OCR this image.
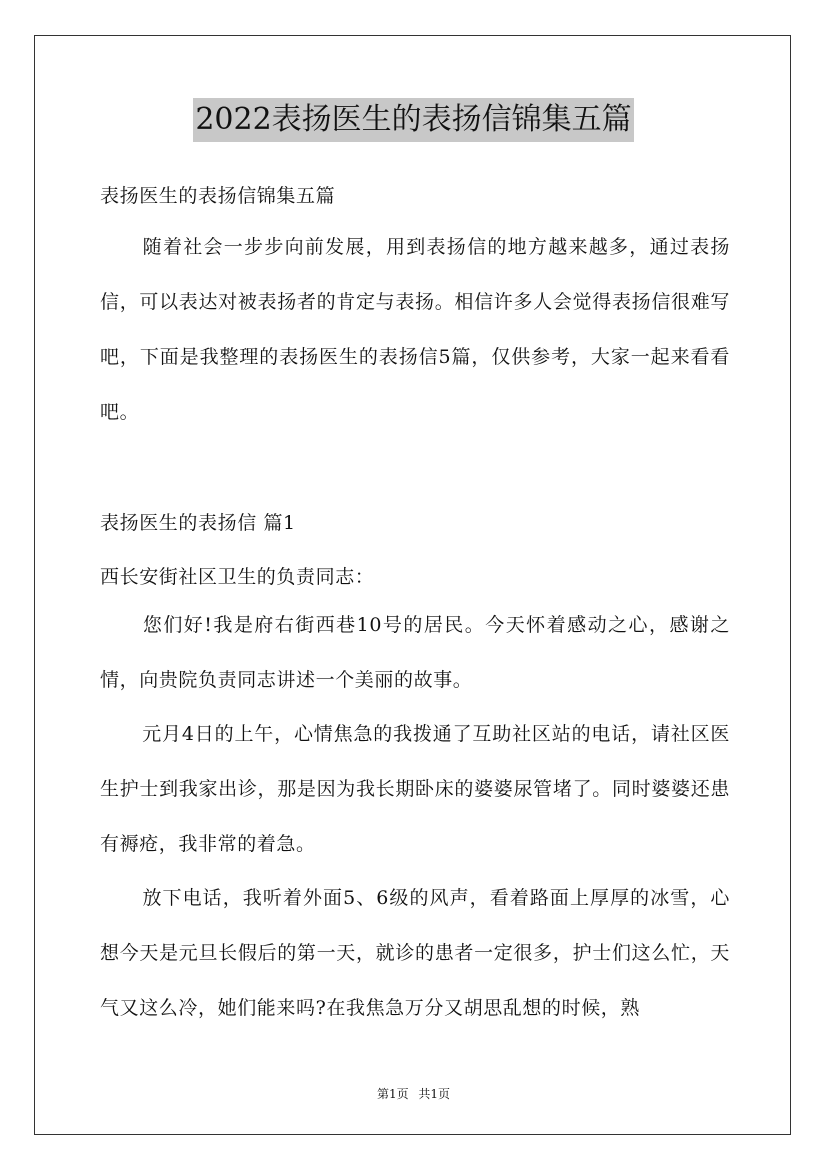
2022表扬医生的表扬信锦集五篇
表扬医生的表扬信锦集五篇
随着社会一步步向前发展，用到表扬信的地方越来越多，通过表扬信，可以表达对被表扬者的肯定与表扬。相信许多人会觉得表扬信很难写吧，下面是我整理的表扬医生的表扬信5篇，仅供参考，大家一起来看看吧。
表扬医生的表扬信 篇1
西长安街社区卫生的负责同志：
您们好!我是府右街西巷10号的居民。今天怀着感动之心，感谢之情，向贵院负责同志讲述一个美丽的故事。
元月4日的上午，心情焦急的我拨通了互助社区站的电话，请社区医生护士到我家出诊，那是因为我长期卧床的婆婆尿管堵了。同时婆婆还患有褥疮，我非常的着急。
放下电话，我听着外面5、6级的风声，看着路面上厚厚的冰雪，心想今天是元旦长假后的第一天，就诊的患者一定很多，护士们这么忙，天气又这么冷，她们能来吗?在我焦急万分又胡思乱想的时候，熟
第1页 共1页
